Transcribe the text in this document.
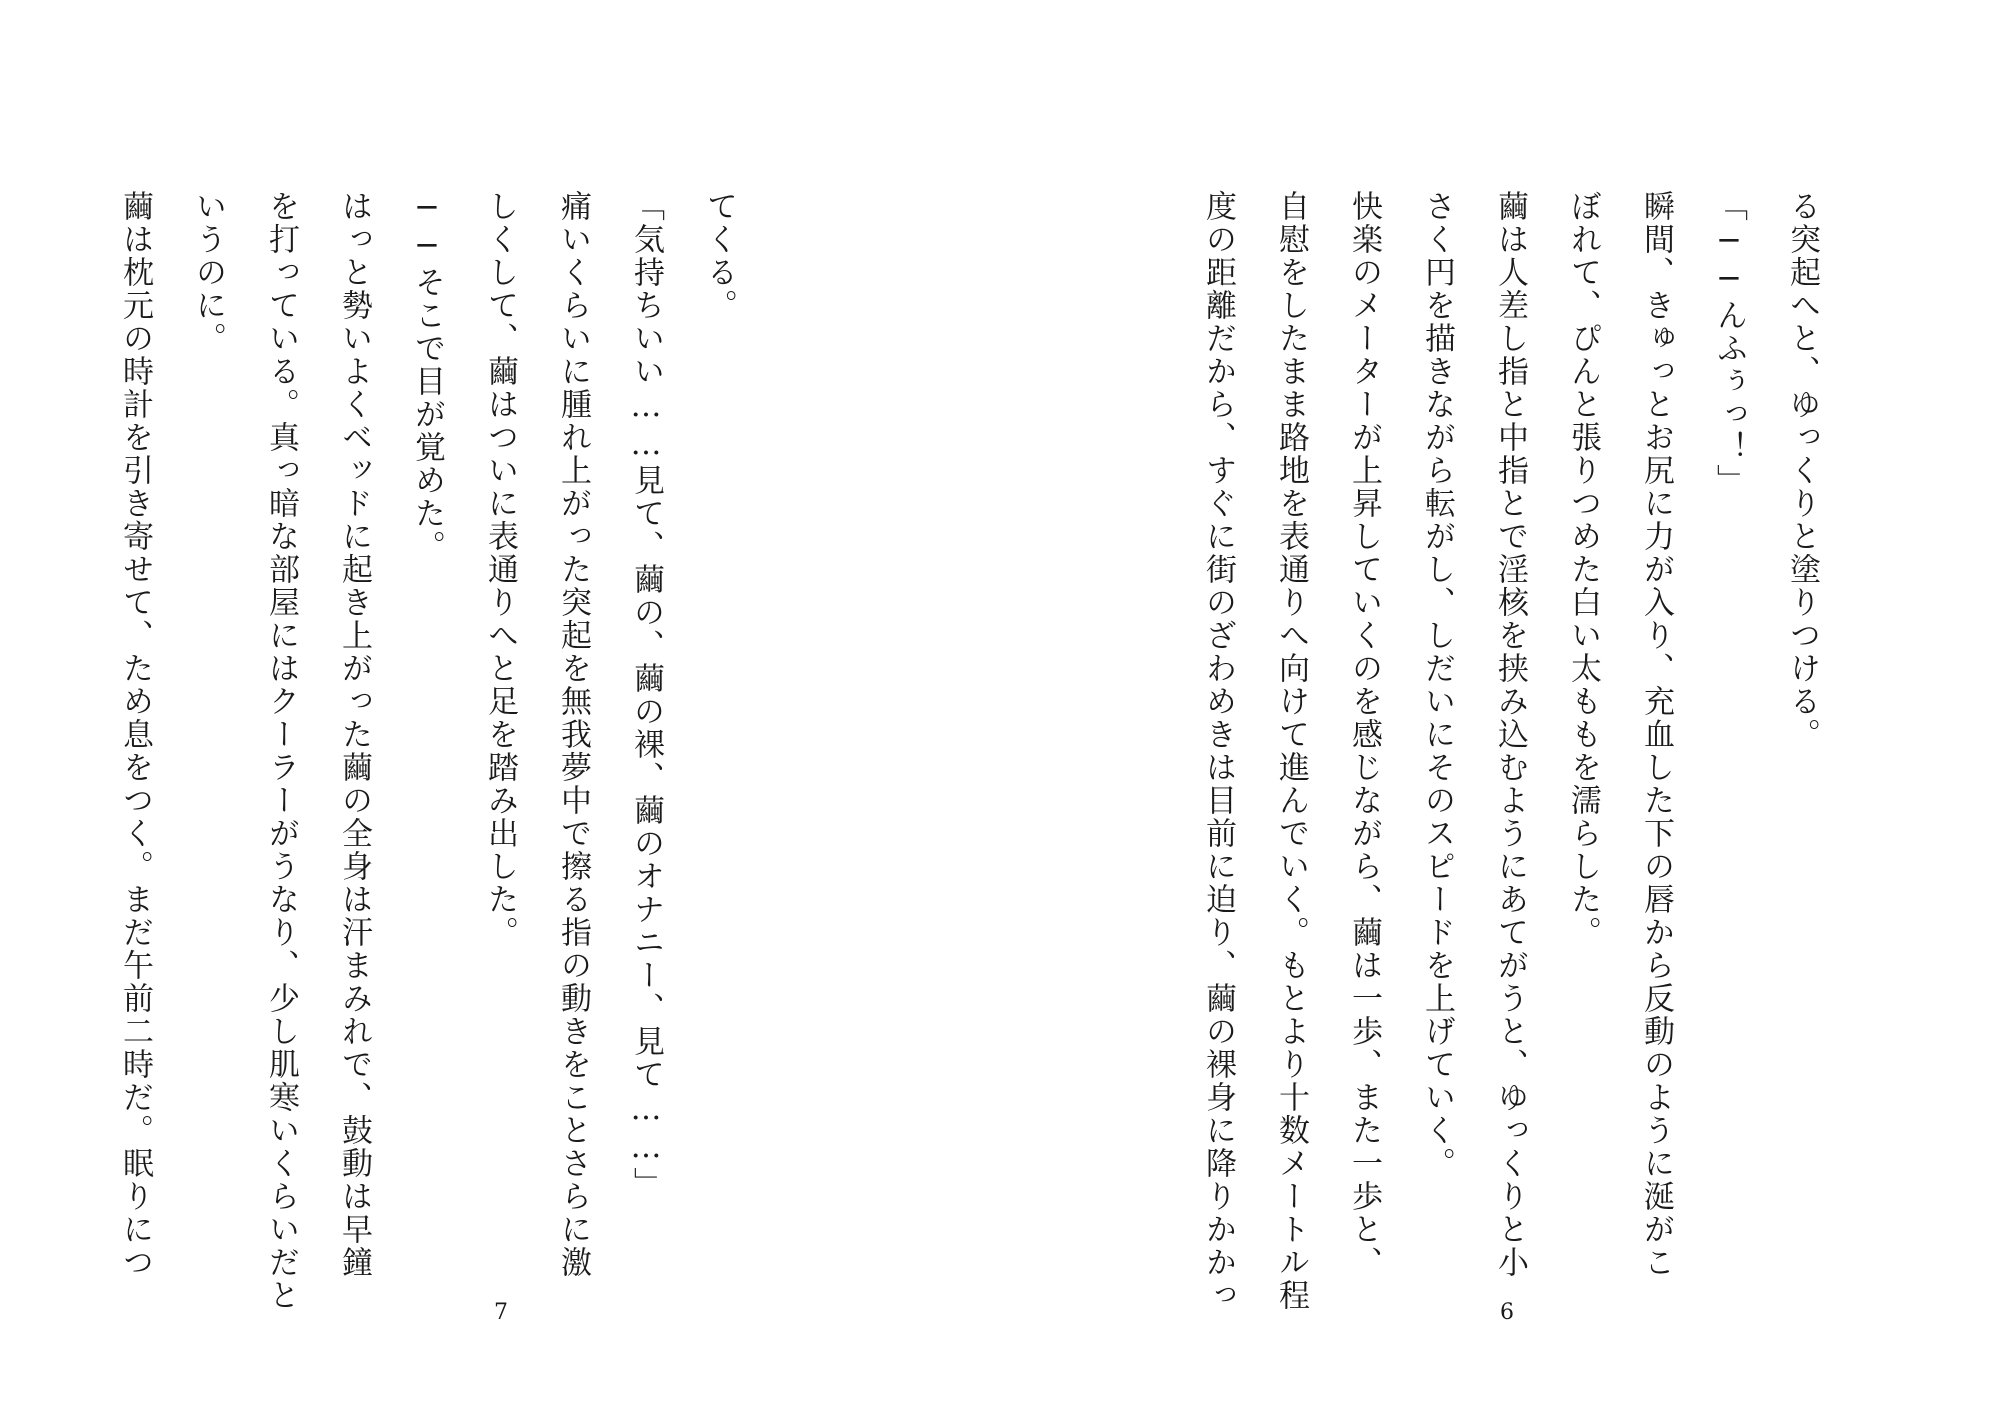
てくる。

「気持ちいい……見て、繭の、繭の裸、繭のオナニー、見て……」

痛いくらいに腫れ上がった突起を無我夢中で擦る指の動きをことさらに激

しくして、繭はついに表通りへと足を踏み出した。

──そこで目が覚めた。

はっと勢いよくベッドに起き上がった繭の全身は汗まみれで、鼓動は早鐘

を打っている。真っ暗な部屋にはクーラーがうなり、少し肌寒いくらいだと

いうのに。

繭は枕元の時計を引き寄せて、ため息をつく。まだ午前二時だ。眠りにつ

7

る突起へと、ゆっくりと塗りつける。

「──んふぅっ！」

瞬間、きゅっとお尻に力が入り、充血した下の唇から反動のように涎がこ

ぼれて、ぴんと張りつめた白い太ももを濡らした。

繭は人差し指と中指とで淫核を挟み込むようにあてがうと、ゆっくりと小

さく円を描きながら転がし、しだいにそのスピードを上げていく。

快楽のメーターが上昇していくのを感じながら、繭は一歩、また一歩と、

自慰をしたまま路地を表通りへ向けて進んでいく。もとより十数メートル程

度の距離だから、すぐに街のざわめきは目前に迫り、繭の裸身に降りかかっ

6
